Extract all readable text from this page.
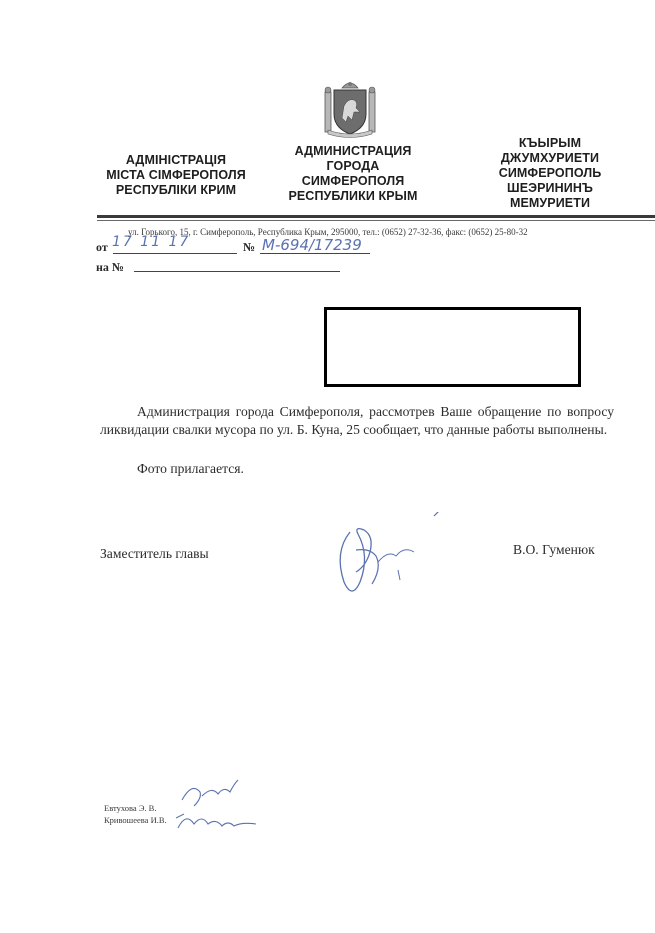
АДМІНІСТРАЦІЯ
МІСТА СІМФЕРОПОЛЯ
РЕСПУБЛІКИ КРИМ
АДМИНИСТРАЦИЯ
ГОРОДА
СИМФЕРОПОЛЯ
РЕСПУБЛИКИ КРЫМ
КЪЫРЫМ
ДЖУМХУРИЕТИ
СИМФЕРОПОЛЬ
ШЕЭРИНИНЪ
МЕМУРИЕТИ
ул. Горького, 15, г. Симферополь, Республика Крым, 295000, тел.: (0652) 27-32-36, факс: (0652) 25-80-32
от 17 11 17	№ М-694/17239
на №
Администрация города Симферополя, рассмотрев Ваше обращение по вопросу ликвидации свалки мусора по ул. Б. Куна, 25 сообщает, что данные работы выполнены.
Фото прилагается.
Заместитель главы	В.О. Гуменюк
Евтухова Э. В.
Кривошеева И.В.
